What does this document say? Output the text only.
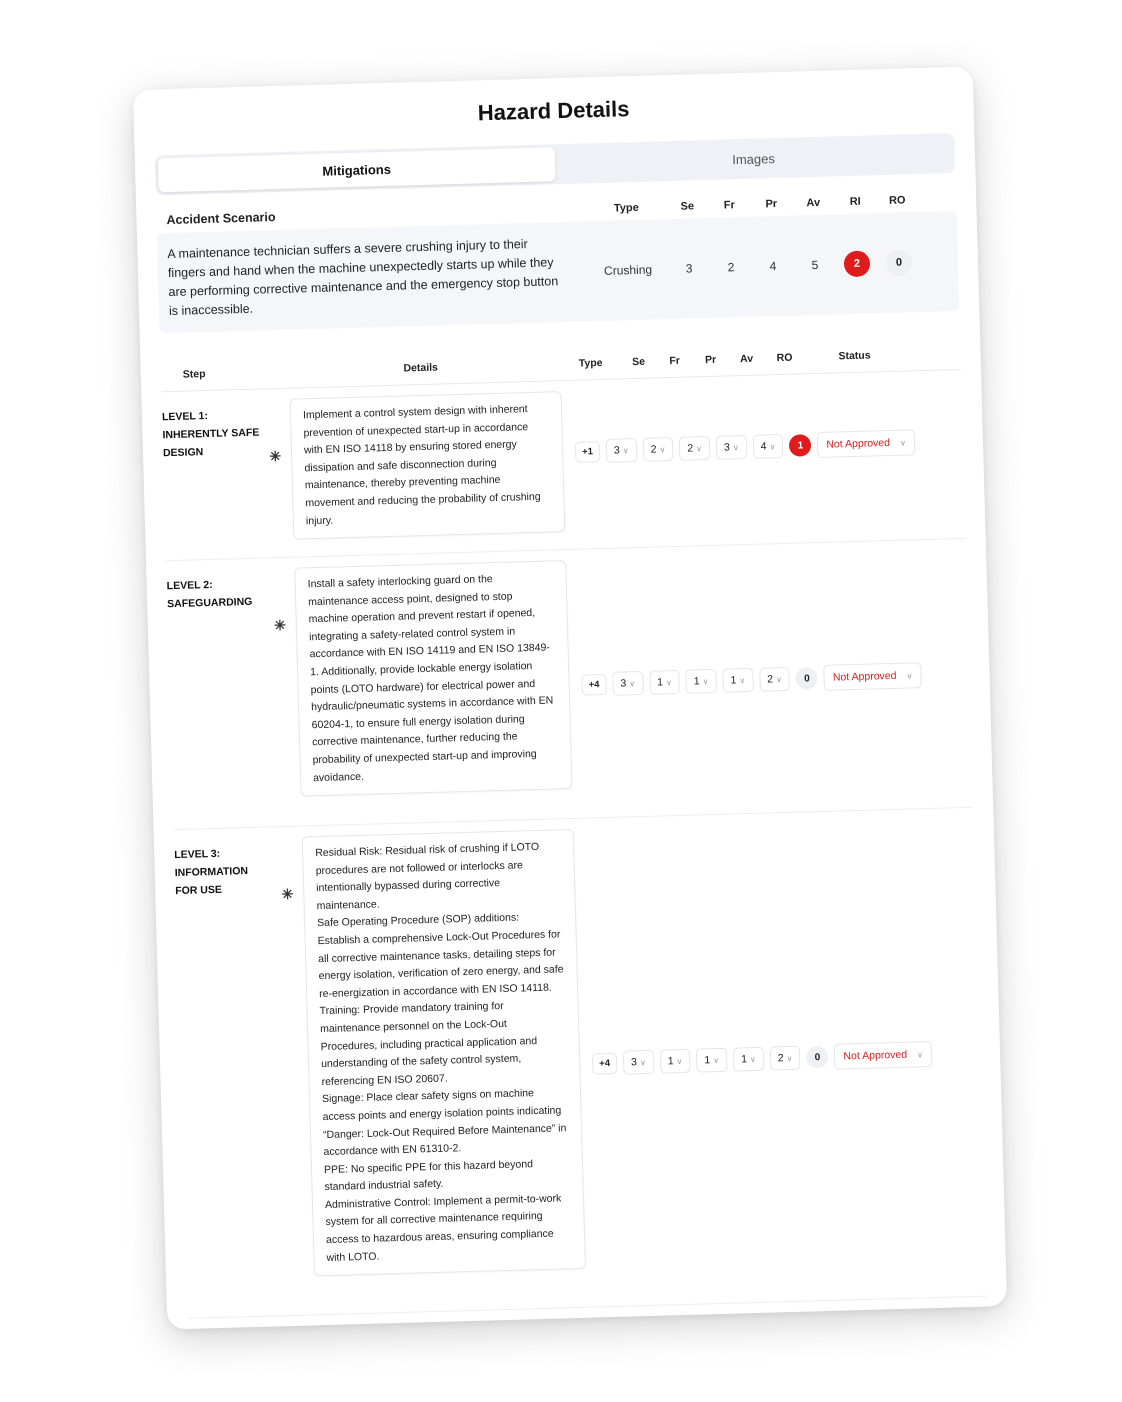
Hazard Details
Mitigations
Images
Accident Scenario
Type	Se	Fr	Pr	Av	RI	RO
A maintenance technician suffers a severe crushing injury to their fingers and hand when the machine unexpectedly starts up while they are performing corrective maintenance and the emergency stop button is inaccessible.
Crushing	3	2	4	5	2	0
Step	Details	Type	Se	Fr	Pr	Av	RO	Status
LEVEL 1:
INHERENTLY SAFE
DESIGN	✳
Implement a control system design with inherent prevention of unexpected start-up in accordance with EN ISO 14118 by ensuring stored energy dissipation and safe disconnection during maintenance, thereby preventing machine movement and reducing the probability of crushing injury.
+1	3 ∨ 2 ∨ 2 ∨ 3 ∨ 4 ∨	1	Not Approved ∨
LEVEL 2:
SAFEGUARDING
✳
Install a safety interlocking guard on the maintenance access point, designed to stop machine operation and prevent restart if opened, integrating a safety-related control system in accordance with EN ISO 14119 and EN ISO 13849-1. Additionally, provide lockable energy isolation points (LOTO hardware) for electrical power and hydraulic/pneumatic systems in accordance with EN 60204-1, to ensure full energy isolation during corrective maintenance, further reducing the probability of unexpected start-up and improving avoidance.
+4	3 ∨ 1 ∨ 1 ∨ 1 ∨ 2 ∨	0	Not Approved ∨
LEVEL 3:
INFORMATION
FOR USE	✳
Residual Risk: Residual risk of crushing if LOTO procedures are not followed or interlocks are intentionally bypassed during corrective maintenance.
Safe Operating Procedure (SOP) additions: Establish a comprehensive Lock-Out Procedures for all corrective maintenance tasks, detailing steps for energy isolation, verification of zero energy, and safe re-energization in accordance with EN ISO 14118.
Training: Provide mandatory training for maintenance personnel on the Lock-Out Procedures, including practical application and understanding of the safety control system, referencing EN ISO 20607.
Signage: Place clear safety signs on machine access points and energy isolation points indicating “Danger: Lock-Out Required Before Maintenance” in accordance with EN 61310-2.
PPE: No specific PPE for this hazard beyond standard industrial safety.
Administrative Control: Implement a permit-to-work system for all corrective maintenance requiring access to hazardous areas, ensuring compliance with LOTO.
+4	3 ∨ 1 ∨ 1 ∨ 1 ∨ 2 ∨	0	Not Approved ∨
